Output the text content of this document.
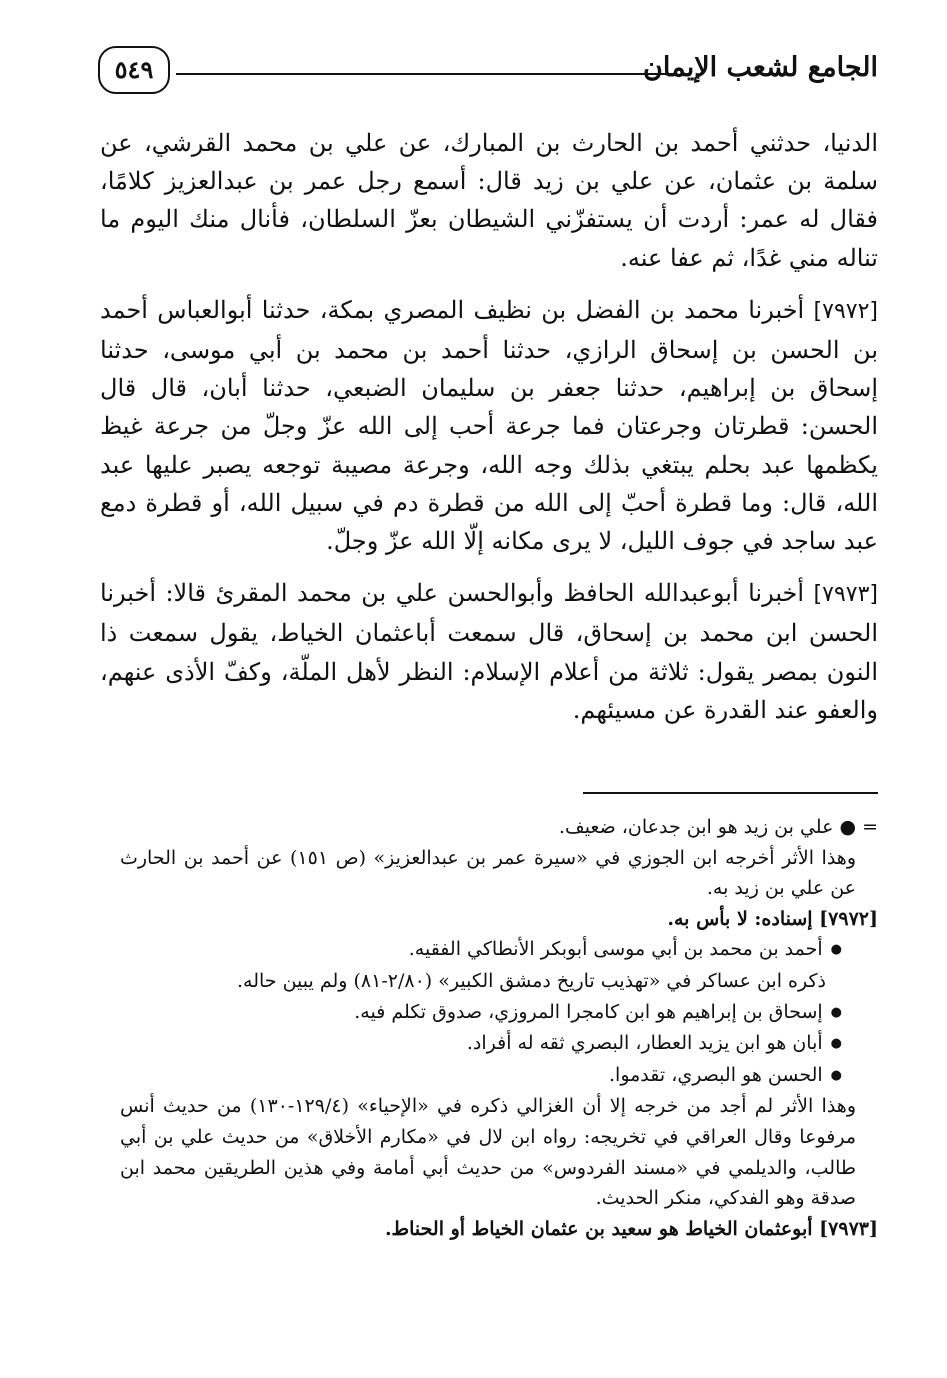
الجامع لشعب الإيمان
٥٤٩

الدنيا، حدثني أحمد بن الحارث بن المبارك، عن علي بن محمد القرشي، عن سلمة بن عثمان، عن علي بن زيد قال: أسمع رجل عمر بن عبدالعزيز كلامًا، فقال له عمر: أردت أن يستفزّني الشيطان بعزّ السلطان، فأنال منك اليوم ما تناله مني غدًا، ثم عفا عنه.

[٧٩٧٢] أخبرنا محمد بن الفضل بن نظيف المصري بمكة، حدثنا أبوالعباس أحمد بن الحسن بن إسحاق الرازي، حدثنا أحمد بن محمد بن أبي موسى، حدثنا إسحاق بن إبراهيم، حدثنا جعفر بن سليمان الضبعي، حدثنا أبان، قال قال الحسن: قطرتان وجرعتان فما جرعة أحب إلى الله عزّ وجلّ من جرعة غيظ يكظمها عبد بحلم يبتغي بذلك وجه الله، وجرعة مصيبة توجعه يصبر عليها عبد الله، قال: وما قطرة أحبّ إلى الله من قطرة دم في سبيل الله، أو قطرة دمع عبد ساجد في جوف الليل، لا يرى مكانه إلّا الله عزّ وجلّ.

[٧٩٧٣] أخبرنا أبوعبدالله الحافظ وأبوالحسن علي بن محمد المقرئ قالا: أخبرنا الحسن ابن محمد بن إسحاق، قال سمعت أباعثمان الخياط، يقول سمعت ذا النون بمصر يقول: ثلاثة من أعلام الإسلام: النظر لأهل الملّة، وكفّ الأذى عنهم، والعفو عند القدرة عن مسيئهم.

= ● علي بن زيد هو ابن جدعان، ضعيف.

وهذا الأثر أخرجه ابن الجوزي في «سيرة عمر بن عبدالعزيز» (ص ١٥١) عن أحمد بن الحارث عن علي بن زيد به.

[٧٩٧٢] إسناده: لا بأس به.

● أحمد بن محمد بن أبي موسى أبوبكر الأنطاكي الفقيه.

ذكره ابن عساكر في «تهذيب تاريخ دمشق الكبير» (٢/٨٠-٨١) ولم يبين حاله.

● إسحاق بن إبراهيم هو ابن كامجرا المروزي، صدوق تكلم فيه.

● أبان هو ابن يزيد العطار، البصري ثقه له أفراد.

● الحسن هو البصري، تقدموا.

وهذا الأثر لم أجد من خرجه إلا أن الغزالي ذكره في «الإحياء» (١٢٩/٤-١٣٠) من حديث أنس مرفوعا وقال العراقي في تخريجه: رواه ابن لال في «مكارم الأخلاق» من حديث علي بن أبي طالب، والديلمي في «مسند الفردوس» من حديث أبي أمامة وفي هذين الطريقين محمد ابن صدقة وهو الفدكي، منكر الحديث.

[٧٩٧٣] أبوعثمان الخياط هو سعيد بن عثمان الخياط أو الحناط.
